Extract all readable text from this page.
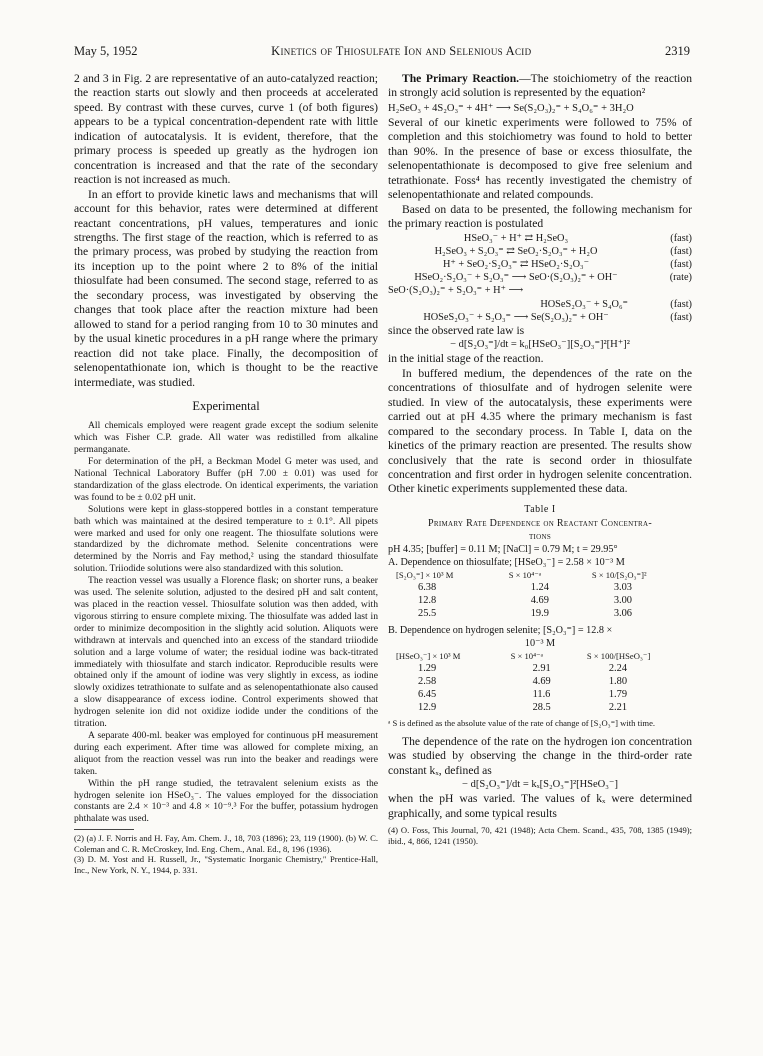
May 5, 1952	Kinetics of Thiosulfate Ion and Selenious Acid	2319

2 and 3 in Fig. 2 are representative of an auto-catalyzed reaction; the reaction starts out slowly and then proceeds at accelerated speed. By contrast with these curves, curve 1 (of both figures) appears to be a typical concentration-dependent rate with little indication of autocatalysis. It is evident, therefore, that the primary process is speeded up greatly as the hydrogen ion concentration is increased and that the rate of the secondary reaction is not increased as much.

In an effort to provide kinetic laws and mechanisms that will account for this behavior, rates were determined at different reactant concentrations, pH values, temperatures and ionic strengths. The first stage of the reaction, which is referred to as the primary process, was probed by studying the reaction from its inception up to the point where 2 to 8% of the initial thiosulfate had been consumed. The second stage, referred to as the secondary process, was investigated by observing the changes that took place after the reaction mixture had been allowed to stand for a period ranging from 10 to 30 minutes and by the usual kinetic procedures in a pH range where the primary reaction did not take place. Finally, the decomposition of selenopentathionate ion, which is thought to be the reactive intermediate, was studied.

Experimental

All chemicals employed were reagent grade except the sodium selenite which was Fisher C.P. grade. All water was redistilled from alkaline permanganate.

For determination of the pH, a Beckman Model G meter was used, and National Technical Laboratory Buffer (pH 7.00 ± 0.01) was used for standardization of the glass electrode. On identical experiments, the variation was found to be ± 0.02 pH unit.

Solutions were kept in glass-stoppered bottles in a constant temperature bath which was maintained at the desired temperature to ± 0.1°. All pipets were marked and used for only one reagent. The thiosulfate solutions were standardized by the dichromate method. Selenite concentrations were determined by the Norris and Fay method,² using the standard thiosulfate solution. Triiodide solutions were also standardized with this solution.

The reaction vessel was usually a Florence flask; on shorter runs, a beaker was used. The selenite solution, adjusted to the desired pH and salt content, was placed in the reaction vessel. Thiosulfate solution was then added, with vigorous stirring to ensure complete mixing. The thiosulfate was added last in order to minimize decomposition in the slightly acid solution. Aliquots were withdrawn at intervals and quenched into an excess of the standard triiodide solution and a large volume of water; the residual iodine was back-titrated immediately with thiosulfate and starch indicator. Reproducible results were obtained only if the amount of iodine was very slightly in excess, as iodine slowly oxidizes tetrathionate to sulfate and as selenopentathionate also caused a slow disappearance of excess iodine. Control experiments showed that hydrogen selenite ion did not oxidize iodide under the conditions of the titration.

A separate 400-ml. beaker was employed for continuous pH measurement during each experiment. After time was allowed for complete mixing, an aliquot from the reaction vessel was run into the beaker and readings were taken.

Within the pH range studied, the tetravalent selenium exists as the hydrogen selenite ion HSeO₃⁻. The values employed for the dissociation constants are 2.4 × 10⁻³ and 4.8 × 10⁻⁹.³ For the buffer, potassium hydrogen phthalate was used.

(2) (a) J. F. Norris and H. Fay, Am. Chem. J., 18, 703 (1896); 23, 119 (1900). (b) W. C. Coleman and C. R. McCroskey, Ind. Eng. Chem., Anal. Ed., 8, 196 (1936).

(3) D. M. Yost and H. Russell, Jr., "Systematic Inorganic Chemistry," Prentice-Hall, Inc., New York, N. Y., 1944, p. 331.

The Primary Reaction.—The stoichiometry of the reaction in strongly acid solution is represented by the equation²

H₂SeO₃ + 4S₂O₃⁼ + 4H⁺ ⟶ Se(S₂O₃)₂⁼ + S₄O₆⁼ + 3H₂O

Several of our kinetic experiments were followed to 75% of completion and this stoichiometry was found to hold to better than 90%. In the presence of base or excess thiosulfate, the selenopentathionate is decomposed to give free selenium and tetrathionate. Foss⁴ has recently investigated the chemistry of selenopentathionate and related compounds.

Based on data to be presented, the following mechanism for the primary reaction is postulated

HSeO₃⁻ + H⁺ ⇄ H₂SeO₃	(fast)
H₂SeO₃ + S₂O₃⁼ ⇄ SeO₂·S₂O₃⁼ + H₂O	(fast)
H⁺ + SeO₂·S₂O₃⁼ ⇄ HSeO₂·S₂O₃⁻	(fast)
HSeO₂·S₂O₃⁻ + S₂O₃⁼ ⟶ SeO·(S₂O₃)₂⁼ + OH⁻	(rate)
SeO·(S₂O₃)₂⁼ + S₂O₃⁼ + H⁺ ⟶
HOSeS₂O₃⁻ + S₄O₆⁼	(fast)
HOSeS₂O₃⁻ + S₂O₃⁼ ⟶ Se(S₂O₃)₂⁼ + OH⁻	(fast)

since the observed rate law is

− d[S₂O₃⁼]/dt = k₀[HSeO₃⁻][S₂O₃⁼]²[H⁺]²

in the initial stage of the reaction.

In buffered medium, the dependences of the rate on the concentrations of thiosulfate and of hydrogen selenite were studied. In view of the autocatalysis, these experiments were carried out at pH 4.35 where the primary mechanism is fast compared to the secondary process. In Table I, data on the kinetics of the primary reaction are presented. The results show conclusively that the rate is second order in thiosulfate concentration and first order in hydrogen selenite concentration. Other kinetic experiments supplemented these data.

Table I
Primary Rate Dependence on Reactant Concentra-
tions
pH 4.35; [buffer] = 0.11 M; [NaCl] = 0.79 M; t = 29.95°
A. Dependence on thiosulfate; [HSeO₃⁻] = 2.58 × 10⁻³ M
[S₂O₃⁼] × 10³ M	S × 10⁴⁻ᵃ	S × 10/[S₂O₃⁼]²
6.38	1.24	3.03
12.8	4.69	3.00
25.5	19.9	3.06
B. Dependence on hydrogen selenite; [S₂O₃⁼] = 12.8 ×
10⁻³ M
[HSeO₃⁻] × 10³ M	S × 10⁴⁻ᵃ	S × 100/[HSeO₃⁻]
1.29	2.91	2.24
2.58	4.69	1.80
6.45	11.6	1.79
12.9	28.5	2.21

ᵃ S is defined as the absolute value of the rate of change of [S₂O₃⁼] with time.

The dependence of the rate on the hydrogen ion concentration was studied by observing the change in the third-order rate constant kₓ, defined as

− d[S₂O₃⁼]/dt = kₓ[S₂O₃⁼]²[HSeO₃⁻]

when the pH was varied. The values of kₓ were determined graphically, and some typical results

(4) O. Foss, This Journal, 70, 421 (1948); Acta Chem. Scand., 435, 708, 1385 (1949); ibid., 4, 866, 1241 (1950).
